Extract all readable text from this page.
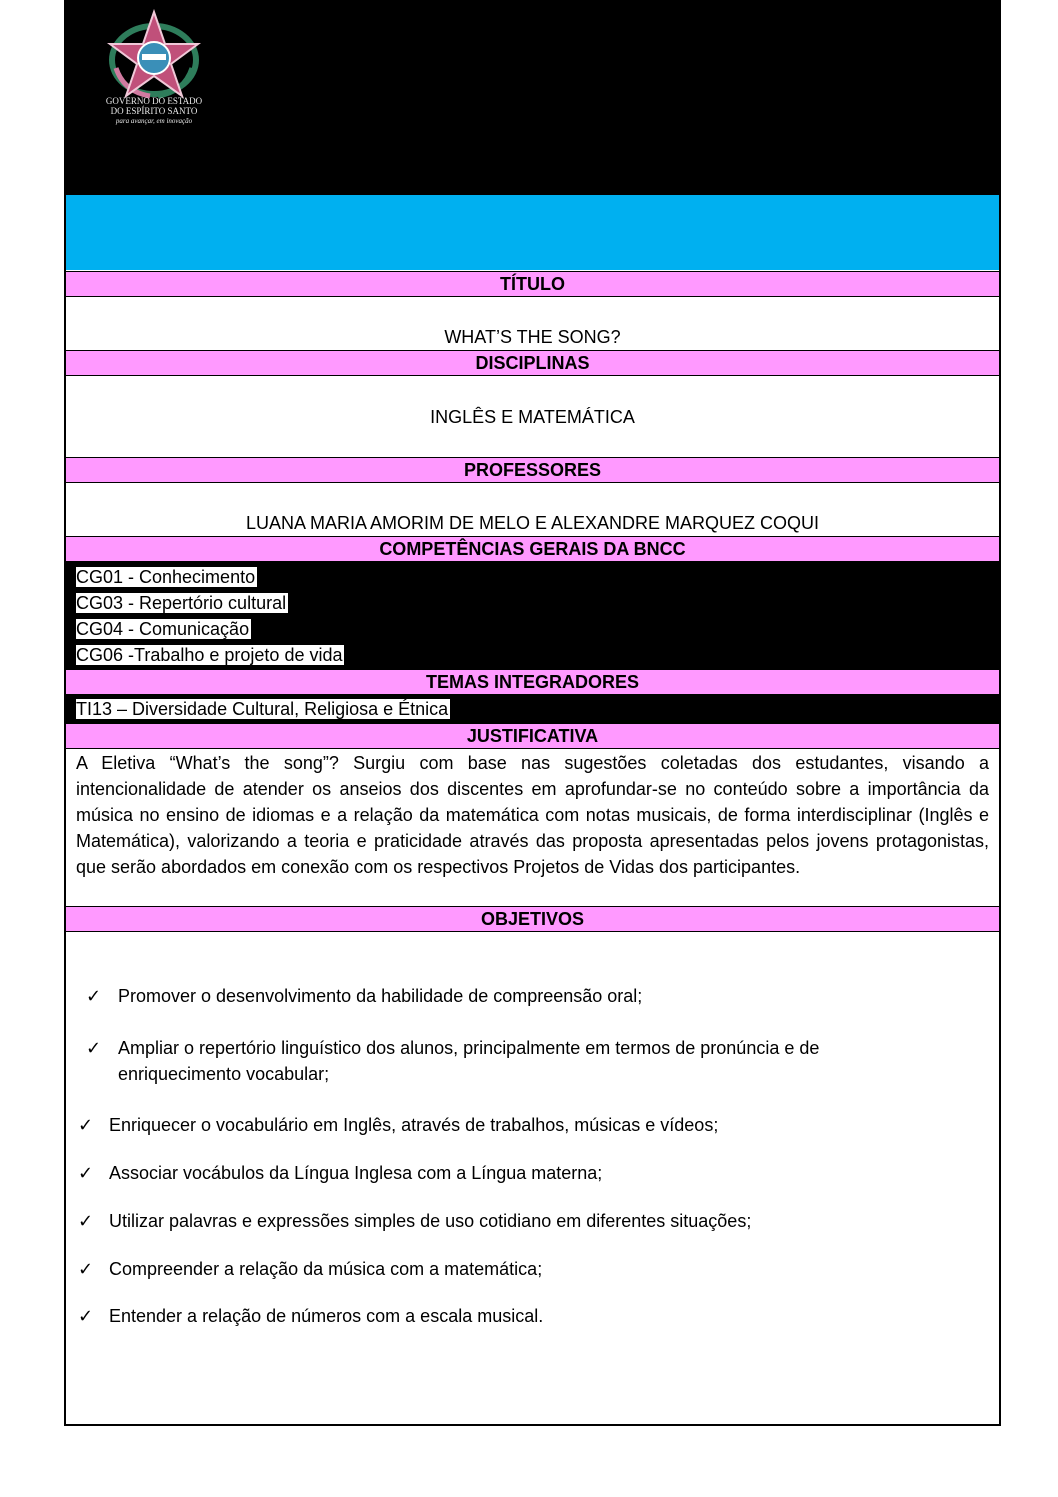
GOVERNO DO ESTADO
DO ESPÍRITO SANTO
para avançar, em inovação
TÍTULO
WHAT’S THE SONG?
DISCIPLINAS
INGLÊS E MATEMÁTICA
PROFESSORES
LUANA MARIA AMORIM DE MELO E ALEXANDRE MARQUEZ COQUI
COMPETÊNCIAS GERAIS DA BNCC
CG01 - Conhecimento
CG03 - Repertório cultural
CG04 - Comunicação
CG06 -Trabalho e projeto de vida
TEMAS INTEGRADORES
TI13 – Diversidade Cultural, Religiosa e Étnica
JUSTIFICATIVA
A Eletiva “What’s the song”? Surgiu com base nas sugestões coletadas dos estudantes, visando a intencionalidade de atender os anseios dos discentes em aprofundar-se no conteúdo sobre a importância da música no ensino de idiomas e a relação da matemática com notas musicais, de forma interdisciplinar (Inglês e Matemática), valorizando a teoria e praticidade através das proposta apresentadas pelos jovens protagonistas, que serão abordados em conexão com os respectivos Projetos de Vidas dos participantes.
OBJETIVOS
✓ Promover o desenvolvimento da habilidade de compreensão oral;
✓ Ampliar o repertório linguístico dos alunos, principalmente em termos de pronúncia e de enriquecimento vocabular;
✓ Enriquecer o vocabulário em Inglês, através de trabalhos, músicas e vídeos;
✓ Associar vocábulos da Língua Inglesa com a Língua materna;
✓ Utilizar palavras e expressões simples de uso cotidiano em diferentes situações;
✓ Compreender a relação da música com a matemática;
✓ Entender a relação de números com a escala musical.
